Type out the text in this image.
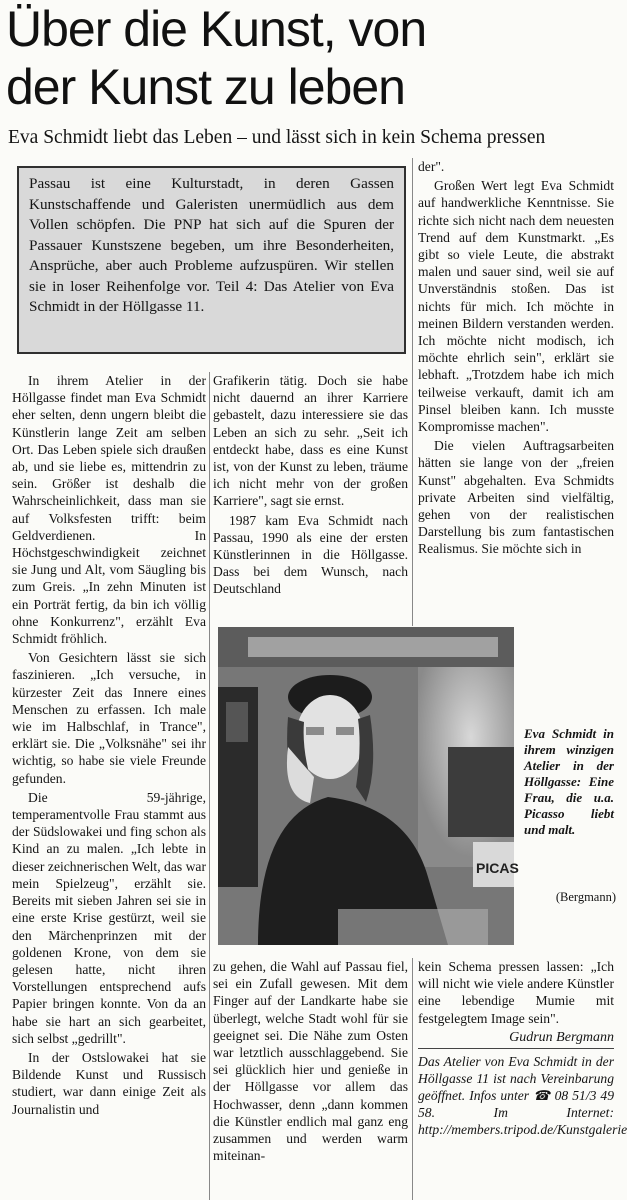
Über die Kunst, von
der Kunst zu leben
Eva Schmidt liebt das Leben – und lässt sich in kein Schema pressen
Passau ist eine Kulturstadt, in deren Gassen Kunstschaffende und Galeristen unermüdlich aus dem Vollen schöpfen. Die PNP hat sich auf die Spuren der Passauer Kunstszene begeben, um ihre Besonderheiten, Ansprüche, aber auch Probleme aufzuspüren. Wir stellen sie in loser Reihenfolge vor. Teil 4: Das Atelier von Eva Schmidt in der Höllgasse 11.

In ihrem Atelier in der Höllgasse findet man Eva Schmidt eher selten, denn ungern bleibt die Künstlerin lange Zeit am selben Ort. Das Leben spiele sich draußen ab, und sie liebe es, mittendrin zu sein. Größer ist deshalb die Wahrscheinlichkeit, dass man sie auf Volksfesten trifft: beim Geldverdienen. In Höchstgeschwindigkeit zeichnet sie Jung und Alt, vom Säugling bis zum Greis. „In zehn Minuten ist ein Porträt fertig, da bin ich völlig ohne Konkurrenz", erzählt Eva Schmidt fröhlich.

Von Gesichtern lässt sie sich faszinieren. „Ich versuche, in kürzester Zeit das Innere eines Menschen zu erfassen. Ich male wie im Halbschlaf, in Trance", erklärt sie. Die „Volksnähe" sei ihr wichtig, so habe sie viele Freunde gefunden.

Die 59-jährige, temperamentvolle Frau stammt aus der Südslowakei und fing schon als Kind an zu malen. „Ich lebte in dieser zeichnerischen Welt, das war mein Spielzeug", erzählt sie. Bereits mit sieben Jahren sei sie in eine erste Krise gestürzt, weil sie den Märchenprinzen mit der goldenen Krone, von dem sie gelesen hatte, nicht ihren Vorstellungen entsprechend aufs Papier bringen konnte. Von da an habe sie hart an sich gearbeitet, sich selbst „gedrillt".

In der Ostslowakei hat sie Bildende Kunst und Russisch studiert, war dann einige Zeit als Journalistin und

Grafikerin tätig. Doch sie habe nicht dauernd an ihrer Karriere gebastelt, dazu interessiere sie das Leben an sich zu sehr. „Seit ich entdeckt habe, dass es eine Kunst ist, von der Kunst zu leben, träume ich nicht mehr von der großen Karriere", sagt sie ernst.

1987 kam Eva Schmidt nach Passau, 1990 als eine der ersten Künstlerinnen in die Höllgasse. Dass bei dem Wunsch, nach Deutschland

PICAS
Eva Schmidt in ihrem winzigen Atelier in der Höllgasse: Eine Frau, die u.a. Picasso liebt und malt.
(Bergmann)

zu gehen, die Wahl auf Passau fiel, sei ein Zufall gewesen. Mit dem Finger auf der Landkarte habe sie überlegt, welche Stadt wohl für sie geeignet sei. Die Nähe zum Osten war letztlich ausschlaggebend. Sie sei glücklich hier und genieße in der Höllgasse vor allem das Hochwasser, denn „dann kommen die Künstler endlich mal ganz eng zusammen und werden warm miteinan-

der".

Großen Wert legt Eva Schmidt auf handwerkliche Kenntnisse. Sie richte sich nicht nach dem neuesten Trend auf dem Kunstmarkt. „Es gibt so viele Leute, die abstrakt malen und sauer sind, weil sie auf Unverständnis stoßen. Das ist nichts für mich. Ich möchte in meinen Bildern verstanden werden. Ich möchte nicht modisch, ich möchte ehrlich sein", erklärt sie lebhaft. „Trotzdem habe ich mich teilweise verkauft, damit ich am Pinsel bleiben kann. Ich musste Kompromisse machen".

Die vielen Auftragsarbeiten hätten sie lange von der „freien Kunst" abgehalten. Eva Schmidts private Arbeiten sind vielfältig, gehen von der realistischen Darstellung bis zum fantastischen Realismus. Sie möchte sich in

kein Schema pressen lassen: „Ich will nicht wie viele andere Künstler eine lebendige Mumie mit festgelegtem Image sein".

Gudrun Bergmann

Das Atelier von Eva Schmidt in der Höllgasse 11 ist nach Vereinbarung geöffnet. Infos unter ☎ 08 51/3 49 58. Im Internet: http://members.tripod.de/Kunstgalerie
